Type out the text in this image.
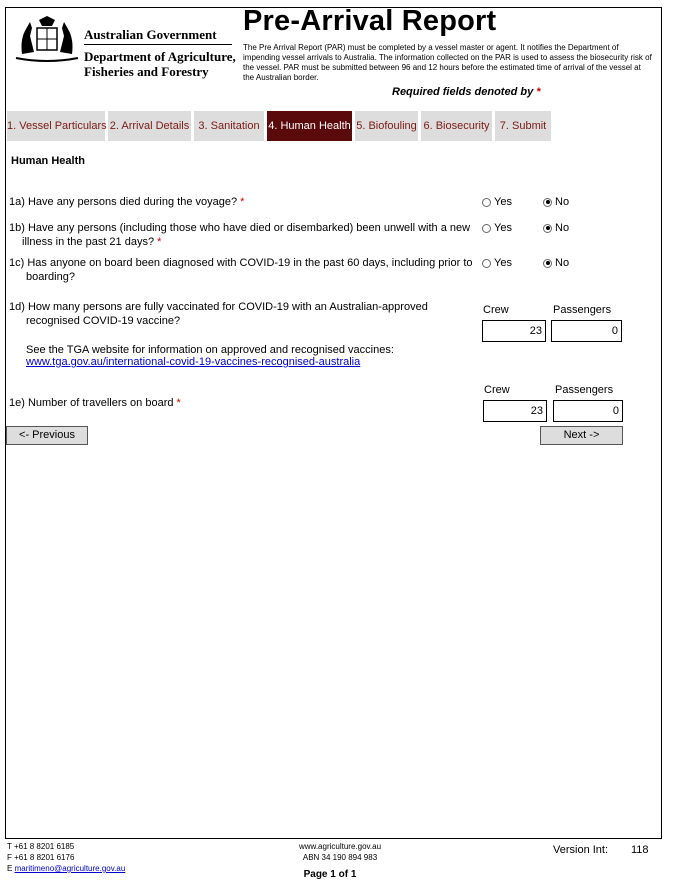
Australian Government
Department of Agriculture, Fisheries and Forestry
Pre-Arrival Report
The Pre Arrival Report (PAR) must be completed by a vessel master or agent. It notifies the Department of impending vessel arrivals to Australia. The information collected on the PAR is used to assess the biosecurity risk of the vessel. PAR must be submitted between 96 and 12 hours before the estimated time of arrival of the vessel at the Australian border.
Required fields denoted by *
1. Vessel Particulars 2. Arrival Details 3. Sanitation 4. Human Health 5. Biofouling 6. Biosecurity 7. Submit
Human Health
1a) Have any persons died during the voyage? *	Yes	No
1b) Have any persons (including those who have died or disembarked) been unwell with a new
illness in the past 21 days? *
Yes	No
1c) Has anyone on board been diagnosed with COVID-19 in the past 60 days, including prior to
boarding?
Yes	No
1d) How many persons are fully vaccinated for COVID-19 with an Australian-approved
recognised COVID-19 vaccine?
Crew	Passengers
23	0
See the TGA website for information on approved and recognised vaccines:
www.tga.gov.au/international-covid-19-vaccines-recognised-australia
Crew	Passengers
1e) Number of travellers on board *
23	0
<- Previous	Next ->
T +61 8 8201 6185
F +61 8 8201 6176
E maritimeno@agriculture.gov.au
www.agriculture.gov.au
ABN 34 190 894 983
Page 1 of 1
Version Int: 118
